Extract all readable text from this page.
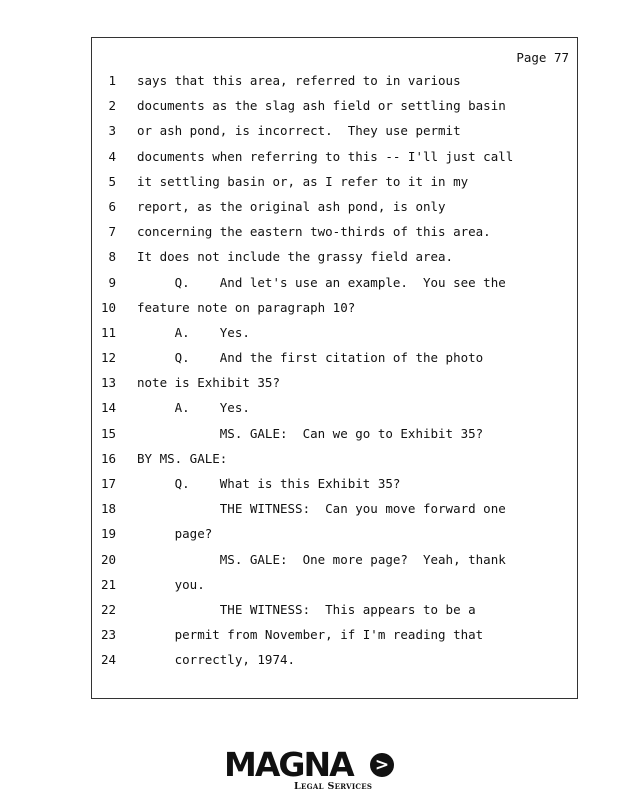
Page 77
1 says that this area, referred to in various
2 documents as the slag ash field or settling basin
3 or ash pond, is incorrect.  They use permit
4 documents when referring to this -- I'll just call
5 it settling basin or, as I refer to it in my
6 report, as the original ash pond, is only
7 concerning the eastern two-thirds of this area.
8 It does not include the grassy field area.
9 Q.    And let's use an example.  You see the
10 feature note on paragraph 10?
11 A.    Yes.
12 Q.    And the first citation of the photo
13 note is Exhibit 35?
14 A.    Yes.
15 MS. GALE:  Can we go to Exhibit 35?
16 BY MS. GALE:
17 Q.    What is this Exhibit 35?
18 THE WITNESS:  Can you move forward one
19 page?
20 MS. GALE:  One more page?  Yeah, thank
21 you.
22 THE WITNESS:  This appears to be a
23 permit from November, if I'm reading that
24 correctly, 1974.
MAGNA >
Legal Services
